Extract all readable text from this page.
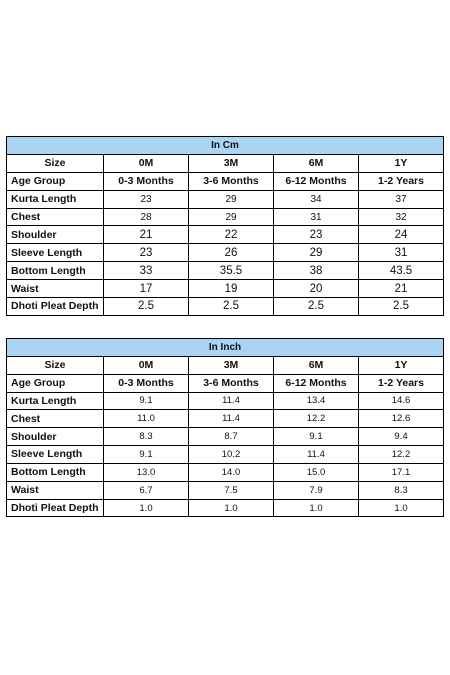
In Cm				
Size	0M	3M	6M	1Y
Age Group	0-3 Months	3-6 Months	6-12 Months	1-2 Years
Kurta Length	23	29	34	37
Chest	28	29	31	32
Shoulder	21	22	23	24
Sleeve Length	23	26	29	31
Bottom Length	33	35.5	38	43.5
Waist	17	19	20	21
Dhoti Pleat Depth	2.5	2.5	2.5	2.5
In Inch				
Size	0M	3M	6M	1Y
Age Group	0-3 Months	3-6 Months	6-12 Months	1-2 Years
Kurta Length	9.1	11.4	13.4	14.6
Chest	11.0	11.4	12.2	12.6
Shoulder	8.3	8.7	9.1	9.4
Sleeve Length	9.1	10.2	11.4	12.2
Bottom Length	13.0	14.0	15.0	17.1
Waist	6.7	7.5	7.9	8.3
Dhoti Pleat Depth	1.0	1.0	1.0	1.0
